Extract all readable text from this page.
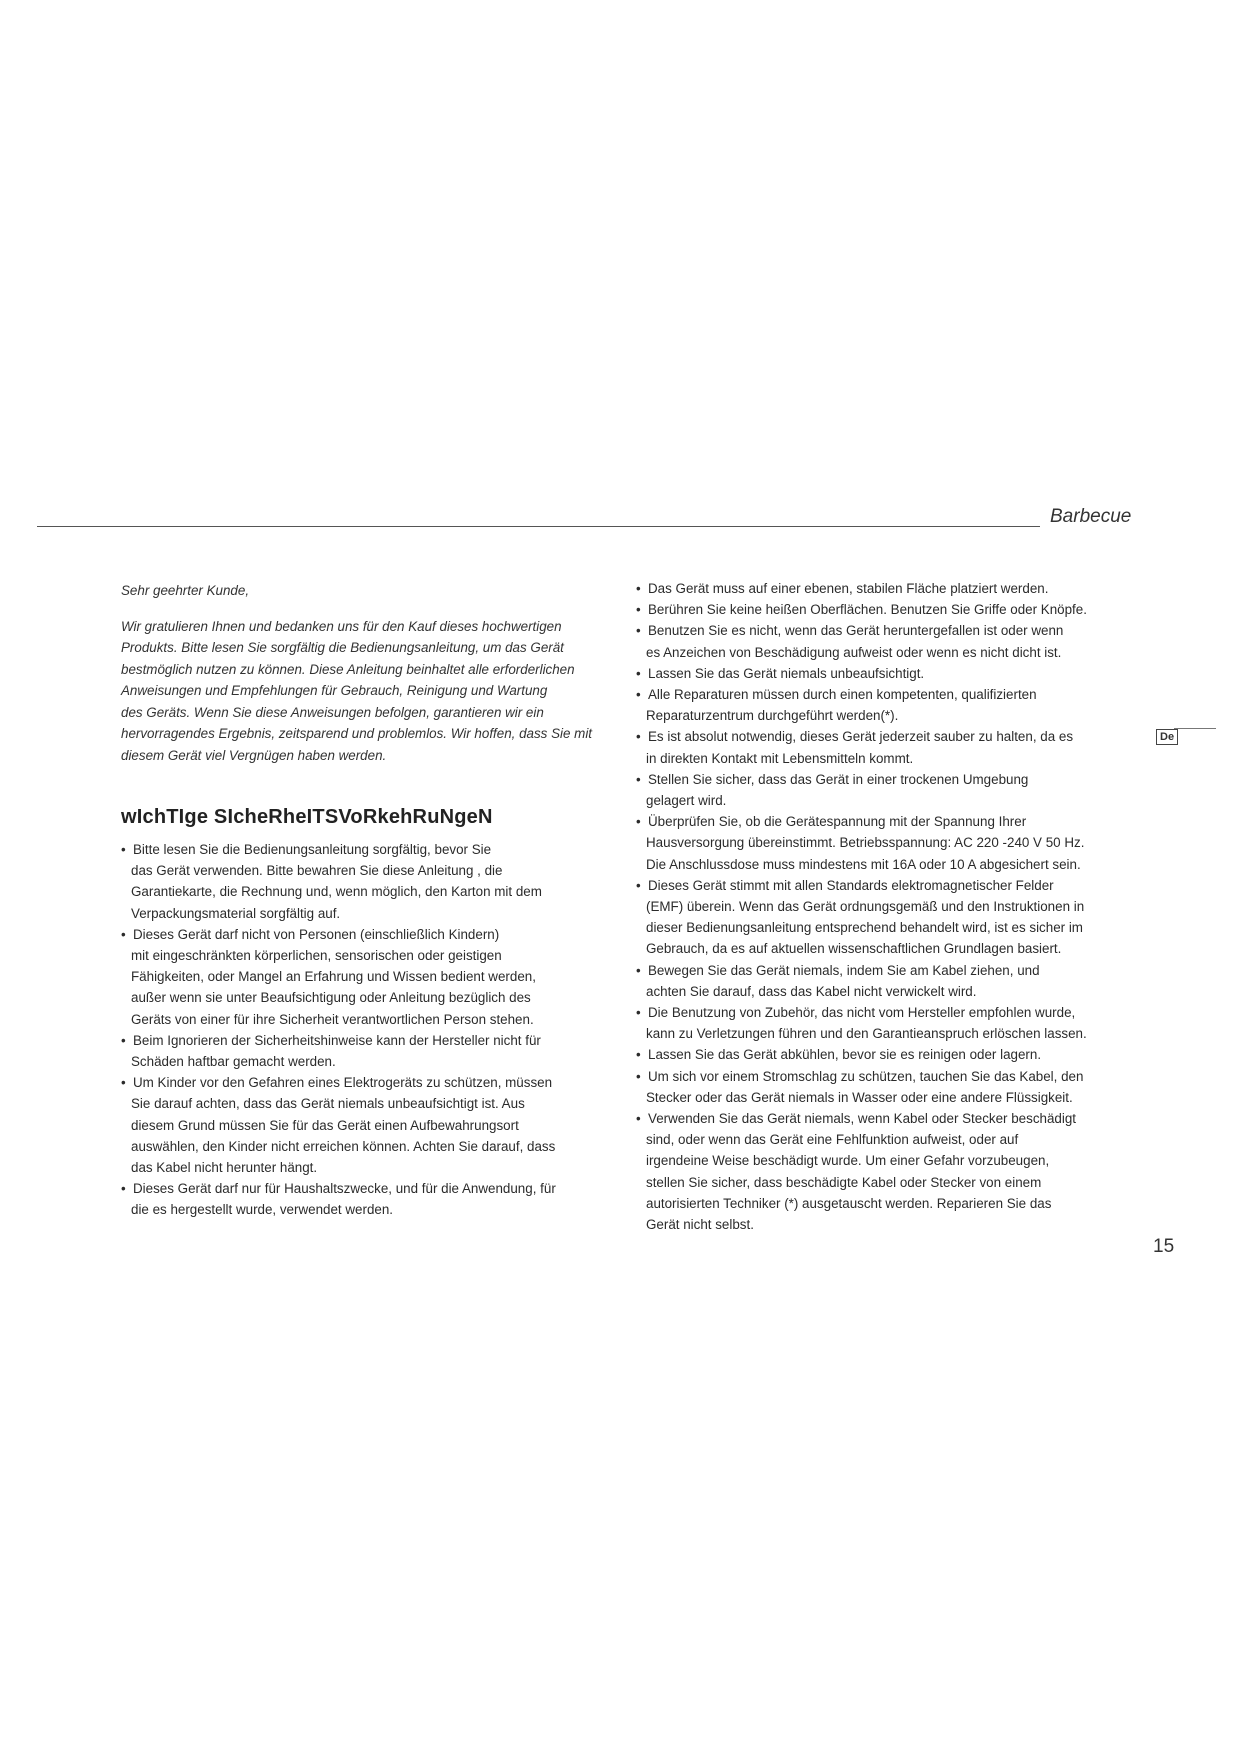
Barbecue

Sehr geehrter Kunde,

Wir gratulieren Ihnen und bedanken uns für den Kauf dieses hochwertigen

Produkts. Bitte lesen Sie sorgfältig die Bedienungsanleitung, um das Gerät

bestmöglich nutzen zu können. Diese Anleitung beinhaltet alle erforderlichen

Anweisungen und Empfehlungen für Gebrauch, Reinigung und Wartung

des Geräts. Wenn Sie diese Anweisungen befolgen, garantieren wir ein

hervorragendes Ergebnis, zeitsparend und problemlos. Wir hoffen, dass Sie mit

diesem Gerät viel Vergnügen haben werden.

wIchTIge SIcheRheITSVoRkehRuNgeN
• Bitte lesen Sie die Bedienungsanleitung sorgfältig, bevor Sie
das Gerät verwenden. Bitte bewahren Sie diese Anleitung , die
Garantiekarte, die Rechnung und, wenn möglich, den Karton mit dem
Verpackungsmaterial sorgfältig auf.
• Dieses Gerät darf nicht von Personen (einschließlich Kindern)
mit eingeschränkten körperlichen, sensorischen oder geistigen
Fähigkeiten, oder Mangel an Erfahrung und Wissen bedient werden,
außer wenn sie unter Beaufsichtigung oder Anleitung bezüglich des
Geräts von einer für ihre Sicherheit verantwortlichen Person stehen.
• Beim Ignorieren der Sicherheitshinweise kann der Hersteller nicht für
Schäden haftbar gemacht werden.
• Um Kinder vor den Gefahren eines Elektrogeräts zu schützen, müssen
Sie darauf achten, dass das Gerät niemals unbeaufsichtigt ist. Aus
diesem Grund müssen Sie für das Gerät einen Aufbewahrungsort
auswählen, den Kinder nicht erreichen können. Achten Sie darauf, dass
das Kabel nicht herunter hängt.
• Dieses Gerät darf nur für Haushaltszwecke, und für die Anwendung, für
die es hergestellt wurde, verwendet werden.
• Das Gerät muss auf einer ebenen, stabilen Fläche platziert werden.
• Berühren Sie keine heißen Oberflächen. Benutzen Sie Griffe oder Knöpfe.
• Benutzen Sie es nicht, wenn das Gerät heruntergefallen ist oder wenn
es Anzeichen von Beschädigung aufweist oder wenn es nicht dicht ist.
• Lassen Sie das Gerät niemals unbeaufsichtigt.
• Alle Reparaturen müssen durch einen kompetenten, qualifizierten
Reparaturzentrum durchgeführt werden(*).
• Es ist absolut notwendig, dieses Gerät jederzeit sauber zu halten, da es
in direkten Kontakt mit Lebensmitteln kommt.
• Stellen Sie sicher, dass das Gerät in einer trockenen Umgebung
gelagert wird.
• Überprüfen Sie, ob die Gerätespannung mit der Spannung Ihrer
Hausversorgung übereinstimmt. Betriebsspannung: AC 220 -240 V 50 Hz.
Die Anschlussdose muss mindestens mit 16A oder 10 A abgesichert sein.
• Dieses Gerät stimmt mit allen Standards elektromagnetischer Felder
(EMF) überein. Wenn das Gerät ordnungsgemäß und den Instruktionen in
dieser Bedienungsanleitung entsprechend behandelt wird, ist es sicher im
Gebrauch, da es auf aktuellen wissenschaftlichen Grundlagen basiert.
• Bewegen Sie das Gerät niemals, indem Sie am Kabel ziehen, und
achten Sie darauf, dass das Kabel nicht verwickelt wird.
• Die Benutzung von Zubehör, das nicht vom Hersteller empfohlen wurde,
kann zu Verletzungen führen und den Garantieanspruch erlöschen lassen.
• Lassen Sie das Gerät abkühlen, bevor sie es reinigen oder lagern.
• Um sich vor einem Stromschlag zu schützen, tauchen Sie das Kabel, den
Stecker oder das Gerät niemals in Wasser oder eine andere Flüssigkeit.
• Verwenden Sie das Gerät niemals, wenn Kabel oder Stecker beschädigt
sind, oder wenn das Gerät eine Fehlfunktion aufweist, oder auf
irgendeine Weise beschädigt wurde. Um einer Gefahr vorzubeugen,
stellen Sie sicher, dass beschädigte Kabel oder Stecker von einem
autorisierten Techniker (*) ausgetauscht werden. Reparieren Sie das
Gerät nicht selbst.
De
15
